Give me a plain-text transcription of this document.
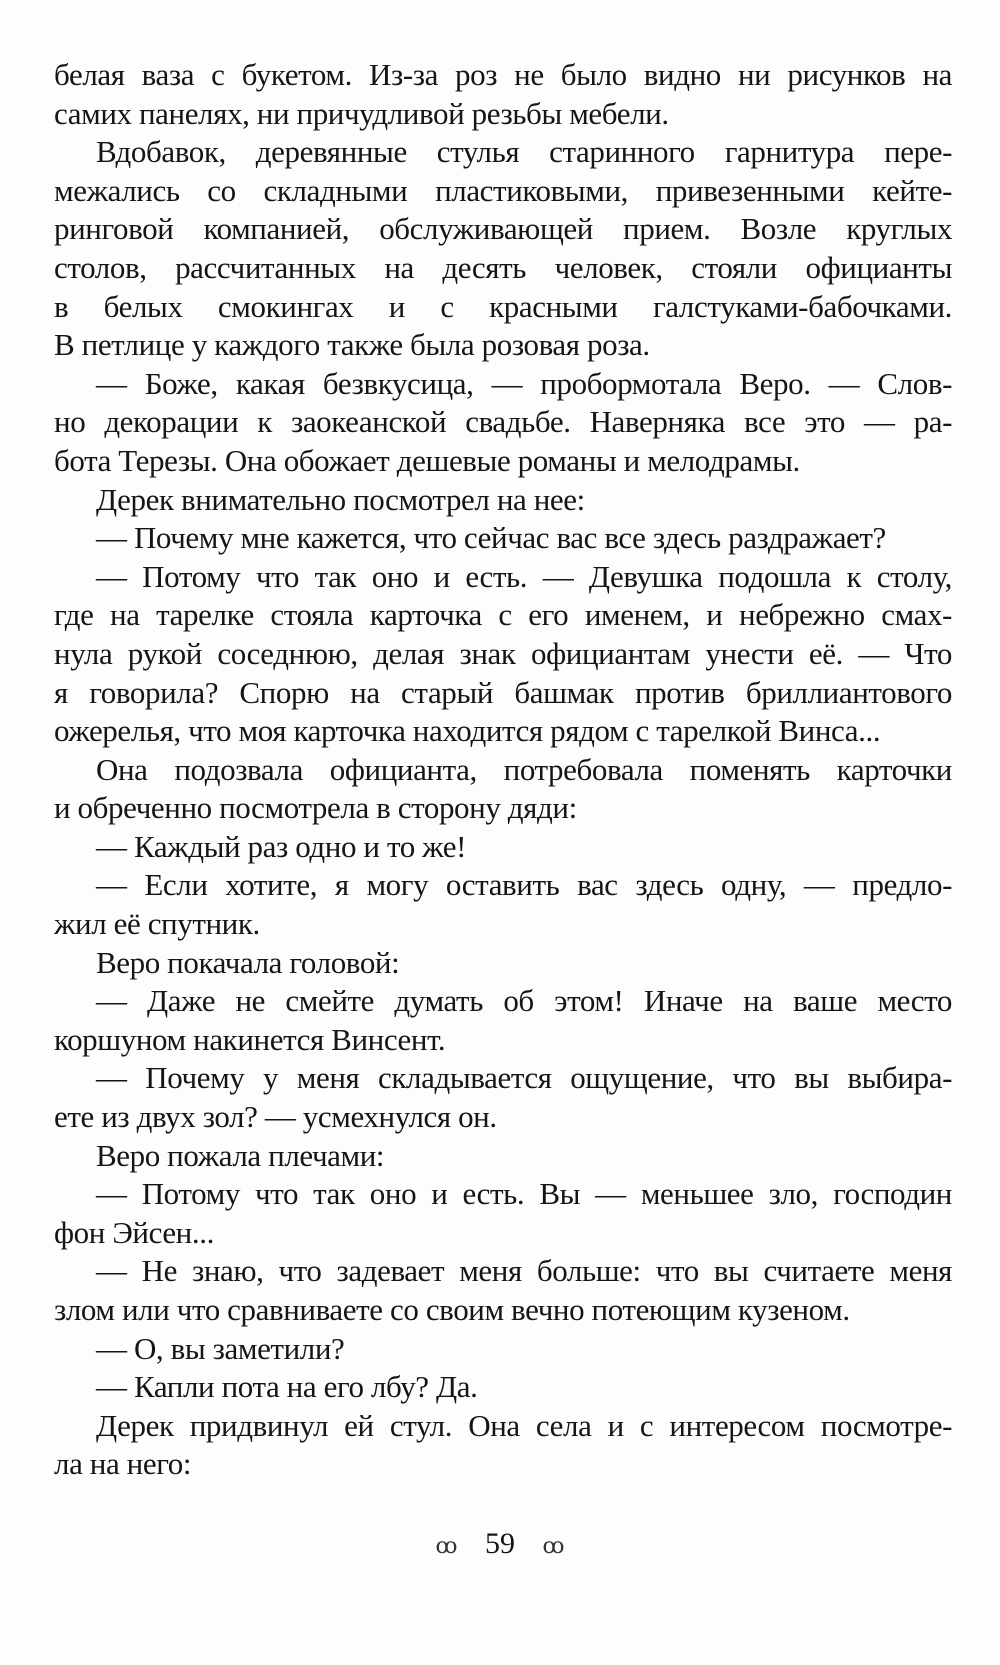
белая ваза с букетом. Из-за роз не было видно ни рисунков на
самих панелях, ни причудливой резьбы мебели.
Вдобавок, деревянные стулья старинного гарнитура пере-
межались со складными пластиковыми, привезенными кейте-
ринговой компанией, обслуживающей прием. Возле круглых
столов, рассчитанных на десять человек, стояли официанты
в белых смокингах и с красными галстуками-бабочками.
В петлице у каждого также была розовая роза.
— Боже, какая безвкусица, — пробормотала Веро. — Слов-
но декорации к заокеанской свадьбе. Наверняка все это — ра-
бота Терезы. Она обожает дешевые романы и мелодрамы.
Дерек внимательно посмотрел на нее:
— Почему мне кажется, что сейчас вас все здесь раздражает?
— Потому что так оно и есть. — Девушка подошла к столу,
где на тарелке стояла карточка с его именем, и небрежно смах-
нула рукой соседнюю, делая знак официантам унести её. — Что
я говорила? Спорю на старый башмак против бриллиантового
ожерелья, что моя карточка находится рядом с тарелкой Винса...
Она подозвала официанта, потребовала поменять карточки
и обреченно посмотрела в сторону дяди:
— Каждый раз одно и то же!
— Если хотите, я могу оставить вас здесь одну, — предло-
жил её спутник.
Веро покачала головой:
— Даже не смейте думать об этом! Иначе на ваше место
коршуном накинется Винсент.
— Почему у меня складывается ощущение, что вы выбира-
ете из двух зол? — усмехнулся он.
Веро пожала плечами:
— Потому что так оно и есть. Вы — меньшее зло, господин
фон Эйсен...
— Не знаю, что задевает меня больше: что вы считаете меня
злом или что сравниваете со своим вечно потеющим кузеном.
— О, вы заметили?
— Капли пота на его лбу? Да.
Дерек придвинул ей стул. Она села и с интересом посмотре-
ла на него:
ꝏ 59 ꝏ
